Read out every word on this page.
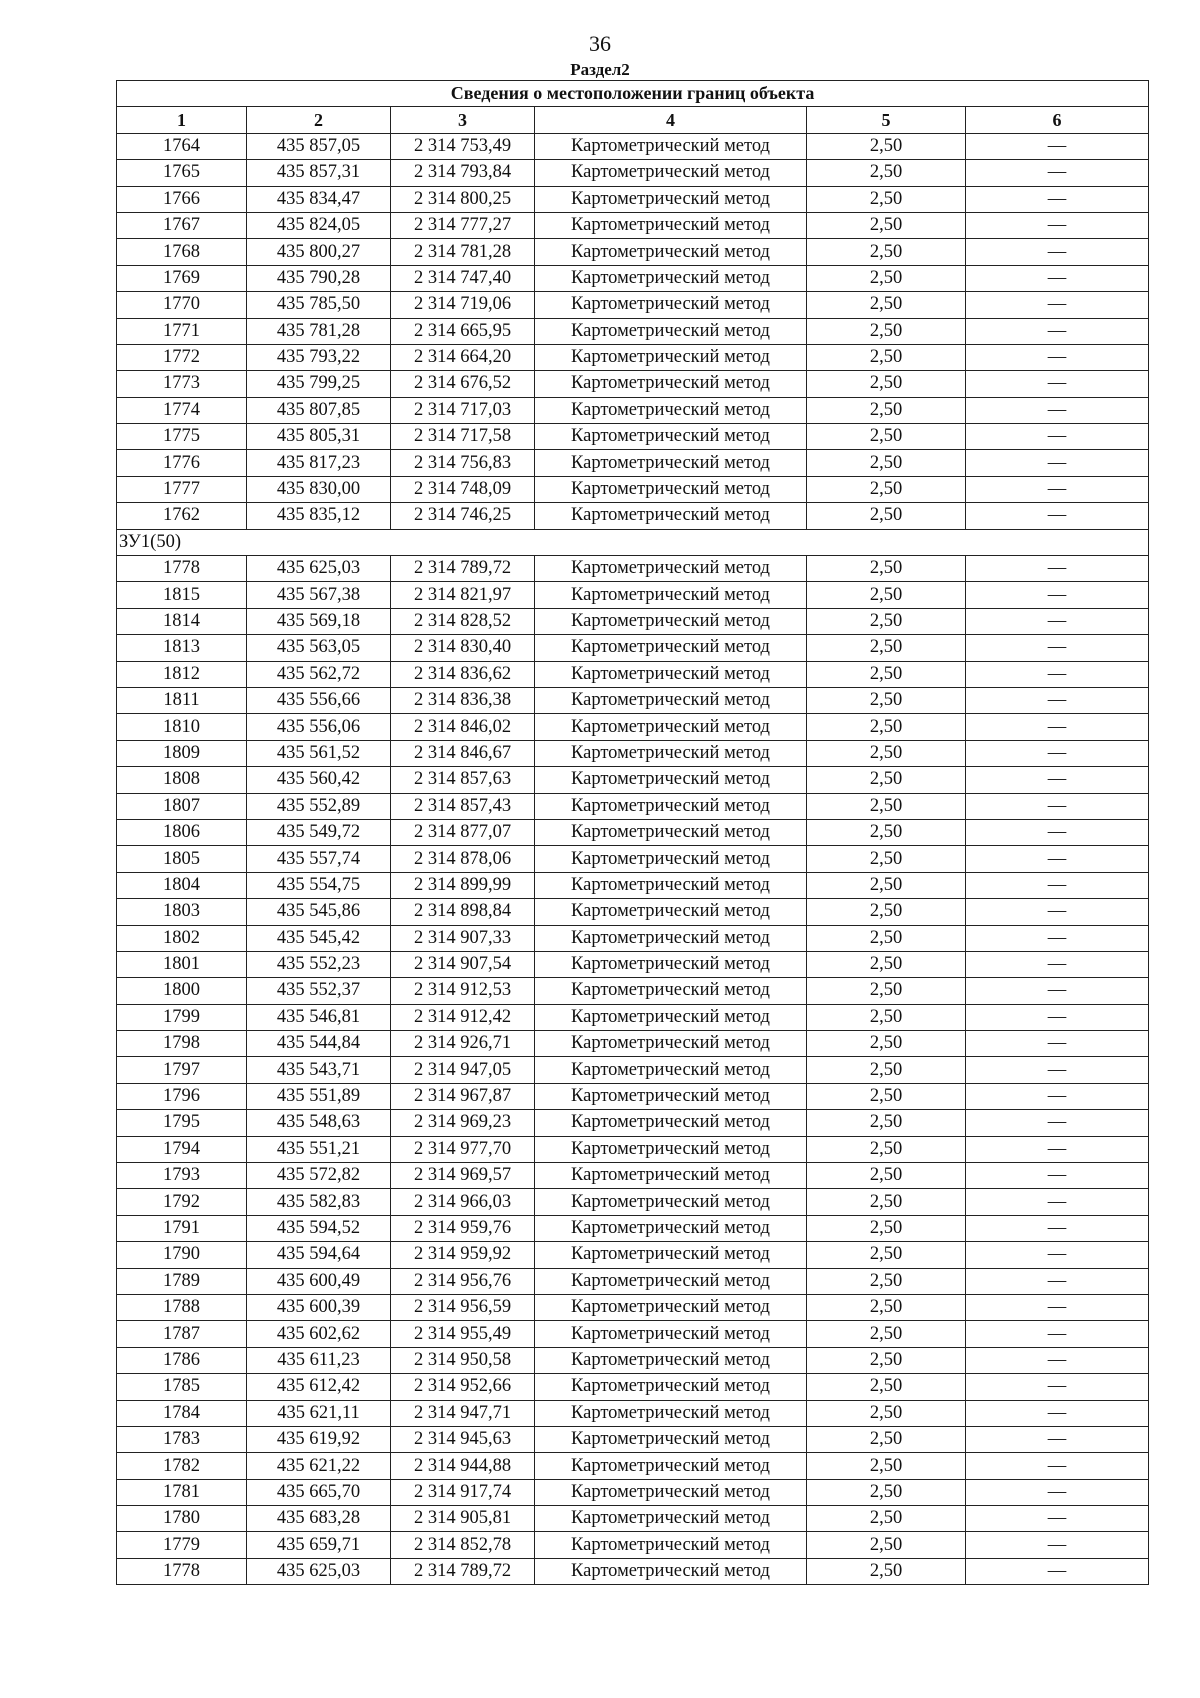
36
Раздел2
Сведения о местоположении границ объекта					
1	2	3	4	5	6
1764	435 857,05	2 314 753,49	Картометрический метод	2,50	—
1765	435 857,31	2 314 793,84	Картометрический метод	2,50	—
1766	435 834,47	2 314 800,25	Картометрический метод	2,50	—
1767	435 824,05	2 314 777,27	Картометрический метод	2,50	—
1768	435 800,27	2 314 781,28	Картометрический метод	2,50	—
1769	435 790,28	2 314 747,40	Картометрический метод	2,50	—
1770	435 785,50	2 314 719,06	Картометрический метод	2,50	—
1771	435 781,28	2 314 665,95	Картометрический метод	2,50	—
1772	435 793,22	2 314 664,20	Картометрический метод	2,50	—
1773	435 799,25	2 314 676,52	Картометрический метод	2,50	—
1774	435 807,85	2 314 717,03	Картометрический метод	2,50	—
1775	435 805,31	2 314 717,58	Картометрический метод	2,50	—
1776	435 817,23	2 314 756,83	Картометрический метод	2,50	—
1777	435 830,00	2 314 748,09	Картометрический метод	2,50	—
1762	435 835,12	2 314 746,25	Картометрический метод	2,50	—
ЗУ1(50)					
1778	435 625,03	2 314 789,72	Картометрический метод	2,50	—
1815	435 567,38	2 314 821,97	Картометрический метод	2,50	—
1814	435 569,18	2 314 828,52	Картометрический метод	2,50	—
1813	435 563,05	2 314 830,40	Картометрический метод	2,50	—
1812	435 562,72	2 314 836,62	Картометрический метод	2,50	—
1811	435 556,66	2 314 836,38	Картометрический метод	2,50	—
1810	435 556,06	2 314 846,02	Картометрический метод	2,50	—
1809	435 561,52	2 314 846,67	Картометрический метод	2,50	—
1808	435 560,42	2 314 857,63	Картометрический метод	2,50	—
1807	435 552,89	2 314 857,43	Картометрический метод	2,50	—
1806	435 549,72	2 314 877,07	Картометрический метод	2,50	—
1805	435 557,74	2 314 878,06	Картометрический метод	2,50	—
1804	435 554,75	2 314 899,99	Картометрический метод	2,50	—
1803	435 545,86	2 314 898,84	Картометрический метод	2,50	—
1802	435 545,42	2 314 907,33	Картометрический метод	2,50	—
1801	435 552,23	2 314 907,54	Картометрический метод	2,50	—
1800	435 552,37	2 314 912,53	Картометрический метод	2,50	—
1799	435 546,81	2 314 912,42	Картометрический метод	2,50	—
1798	435 544,84	2 314 926,71	Картометрический метод	2,50	—
1797	435 543,71	2 314 947,05	Картометрический метод	2,50	—
1796	435 551,89	2 314 967,87	Картометрический метод	2,50	—
1795	435 548,63	2 314 969,23	Картометрический метод	2,50	—
1794	435 551,21	2 314 977,70	Картометрический метод	2,50	—
1793	435 572,82	2 314 969,57	Картометрический метод	2,50	—
1792	435 582,83	2 314 966,03	Картометрический метод	2,50	—
1791	435 594,52	2 314 959,76	Картометрический метод	2,50	—
1790	435 594,64	2 314 959,92	Картометрический метод	2,50	—
1789	435 600,49	2 314 956,76	Картометрический метод	2,50	—
1788	435 600,39	2 314 956,59	Картометрический метод	2,50	—
1787	435 602,62	2 314 955,49	Картометрический метод	2,50	—
1786	435 611,23	2 314 950,58	Картометрический метод	2,50	—
1785	435 612,42	2 314 952,66	Картометрический метод	2,50	—
1784	435 621,11	2 314 947,71	Картометрический метод	2,50	—
1783	435 619,92	2 314 945,63	Картометрический метод	2,50	—
1782	435 621,22	2 314 944,88	Картометрический метод	2,50	—
1781	435 665,70	2 314 917,74	Картометрический метод	2,50	—
1780	435 683,28	2 314 905,81	Картометрический метод	2,50	—
1779	435 659,71	2 314 852,78	Картометрический метод	2,50	—
1778	435 625,03	2 314 789,72	Картометрический метод	2,50	—
